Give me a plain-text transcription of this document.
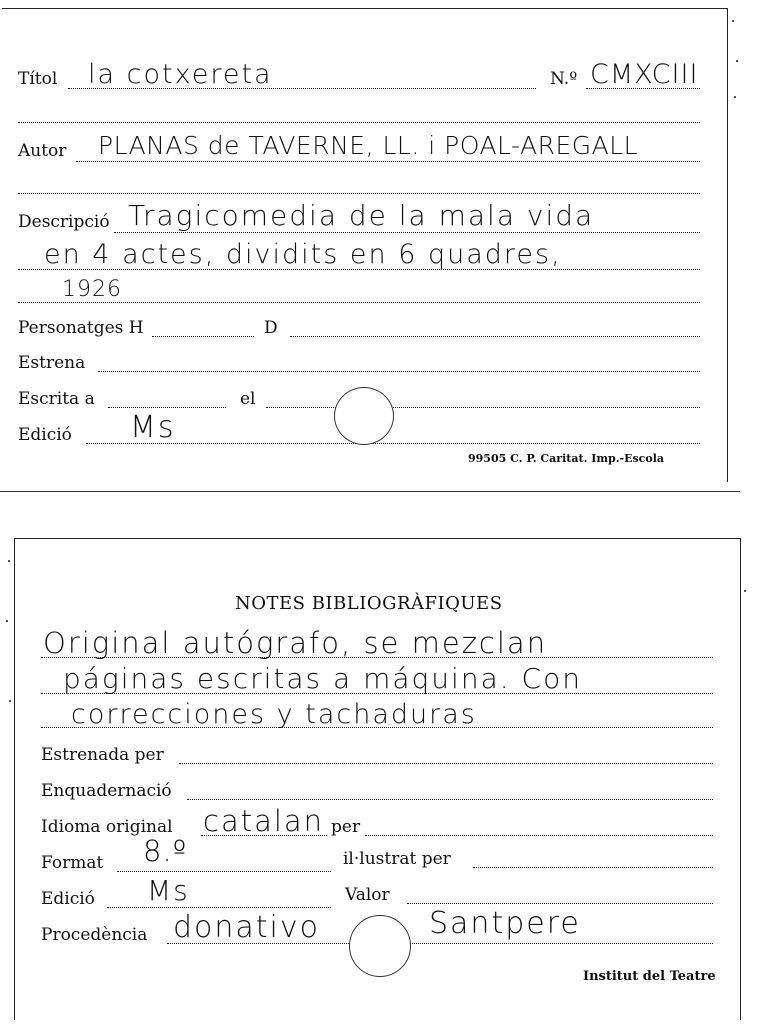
Títol la cotxereta	N.º CMXCIII
Autor PLANAS de TAVERNE, LL. i POAL-AREGALL
Descripció Tragicomedia de la mala vida
en 4 actes, dividits en 6 quadres,
1926
Personatges H	D
Estrena
Escrita a	el
Edició Ms
99505 C. P. Caritat. Imp.-Escola
NOTES BIBLIOGRÀFIQUES
Original autógrafo, se mezclan
páginas escritas a máquina. Con
correcciones y tachaduras
Estrenada per
Enquadernació
Idioma original catalan per
Format 8.º	il·lustrat per
Edició Ms	Valor
Procedència donativo	Santpere
Institut del Teatre
